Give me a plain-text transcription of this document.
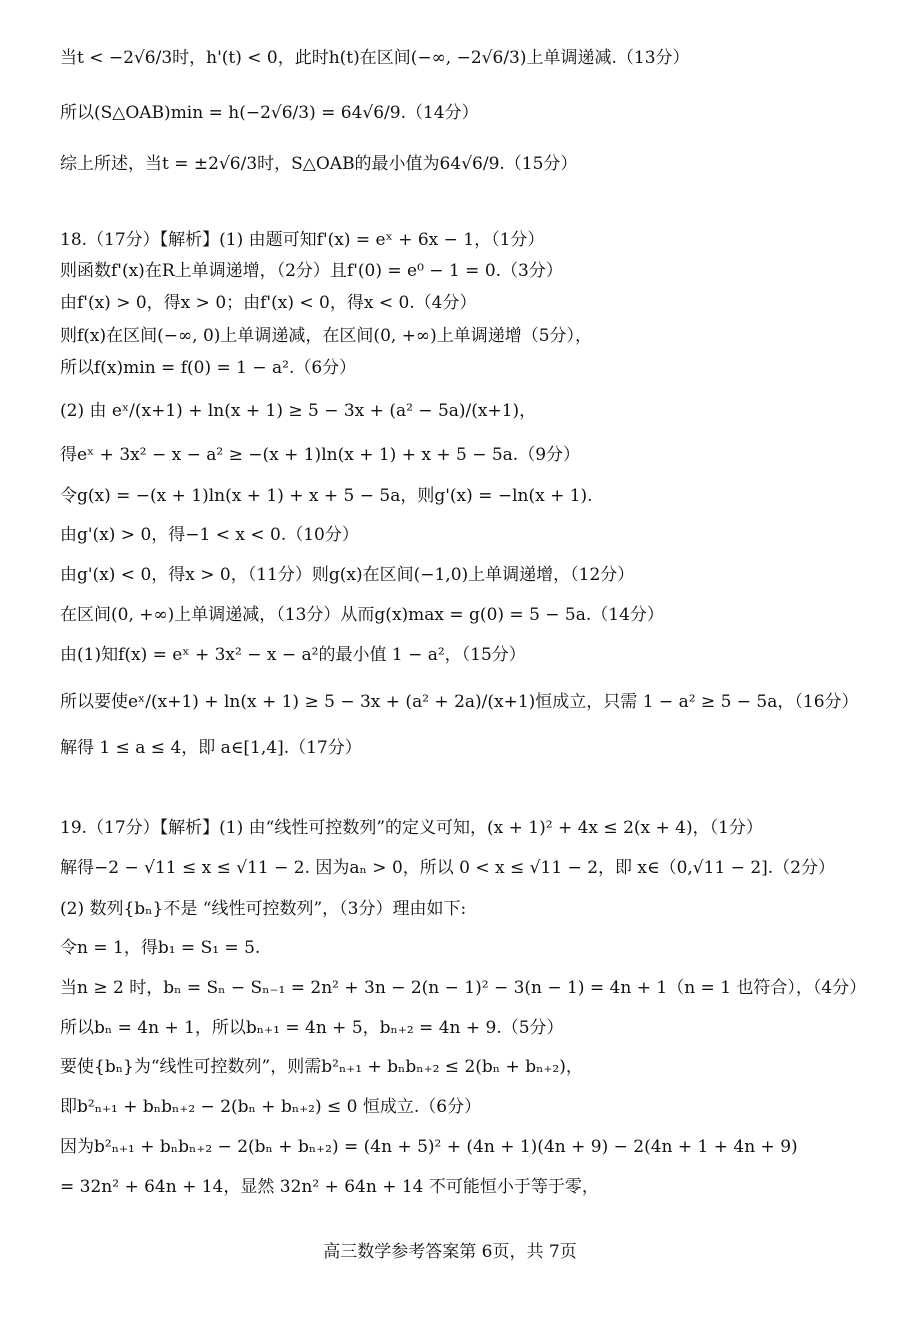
当t < −2√6/3时，h'(t) < 0，此时h(t)在区间(−∞, −2√6/3)上单调递减.（13分）
所以(S△OAB)min = h(−2√6/3) = 64√6/9.（14分）
综上所述，当t = ±2√6/3时，S△OAB的最小值为64√6/9.（15分）
18.（17分）【解析】(1) 由题可知f'(x) = eˣ + 6x − 1，（1分）
则函数f'(x)在R上单调递增，（2分）且f'(0) = e⁰ − 1 = 0.（3分）
由f'(x) > 0，得x > 0；由f'(x) < 0，得x < 0.（4分）
则f(x)在区间(−∞, 0)上单调递减，在区间(0, +∞)上单调递增（5分），
所以f(x)min = f(0) = 1 − a².（6分）
(2) 由 eˣ/(x+1) + ln(x + 1) ≥ 5 − 3x + (a² − 5a)/(x+1)，
得eˣ + 3x² − x − a² ≥ −(x + 1)ln(x + 1) + x + 5 − 5a.（9分）
令g(x) = −(x + 1)ln(x + 1) + x + 5 − 5a，则g'(x) = −ln(x + 1).
由g'(x) > 0，得−1 < x < 0.（10分）
由g'(x) < 0，得x > 0，（11分）则g(x)在区间(−1,0)上单调递增，（12分）
在区间(0, +∞)上单调递减，（13分）从而g(x)max = g(0) = 5 − 5a.（14分）
由(1)知f(x) = eˣ + 3x² − x − a²的最小值 1 − a²，（15分）
所以要使eˣ/(x+1) + ln(x + 1) ≥ 5 − 3x + (a² + 2a)/(x+1)恒成立，只需 1 − a² ≥ 5 − 5a，（16分）
解得 1 ≤ a ≤ 4，即 a∈[1,4].（17分）
19.（17分）【解析】(1) 由“线性可控数列”的定义可知，(x + 1)² + 4x ≤ 2(x + 4)，（1分）
解得−2 − √11 ≤ x ≤ √11 − 2. 因为aₙ > 0，所以 0 < x ≤ √11 − 2，即 x∈（0,√11 − 2].（2分）
(2) 数列{bₙ}不是 “线性可控数列”，（3分）理由如下:
令n = 1，得b₁ = S₁ = 5.
当n ≥ 2 时，bₙ = Sₙ − Sₙ₋₁ = 2n² + 3n − 2(n − 1)² − 3(n − 1) = 4n + 1（n = 1 也符合），（4分）
所以bₙ = 4n + 1，所以bₙ₊₁ = 4n + 5，bₙ₊₂ = 4n + 9.（5分）
要使{bₙ}为“线性可控数列”，则需b²ₙ₊₁ + bₙbₙ₊₂ ≤ 2(bₙ + bₙ₊₂)，
即b²ₙ₊₁ + bₙbₙ₊₂ − 2(bₙ + bₙ₊₂) ≤ 0 恒成立.（6分）
因为b²ₙ₊₁ + bₙbₙ₊₂ − 2(bₙ + bₙ₊₂) = (4n + 5)² + (4n + 1)(4n + 9) − 2(4n + 1 + 4n + 9)
= 32n² + 64n + 14，显然 32n² + 64n + 14 不可能恒小于等于零，
高三数学参考答案第 6页，共 7页
